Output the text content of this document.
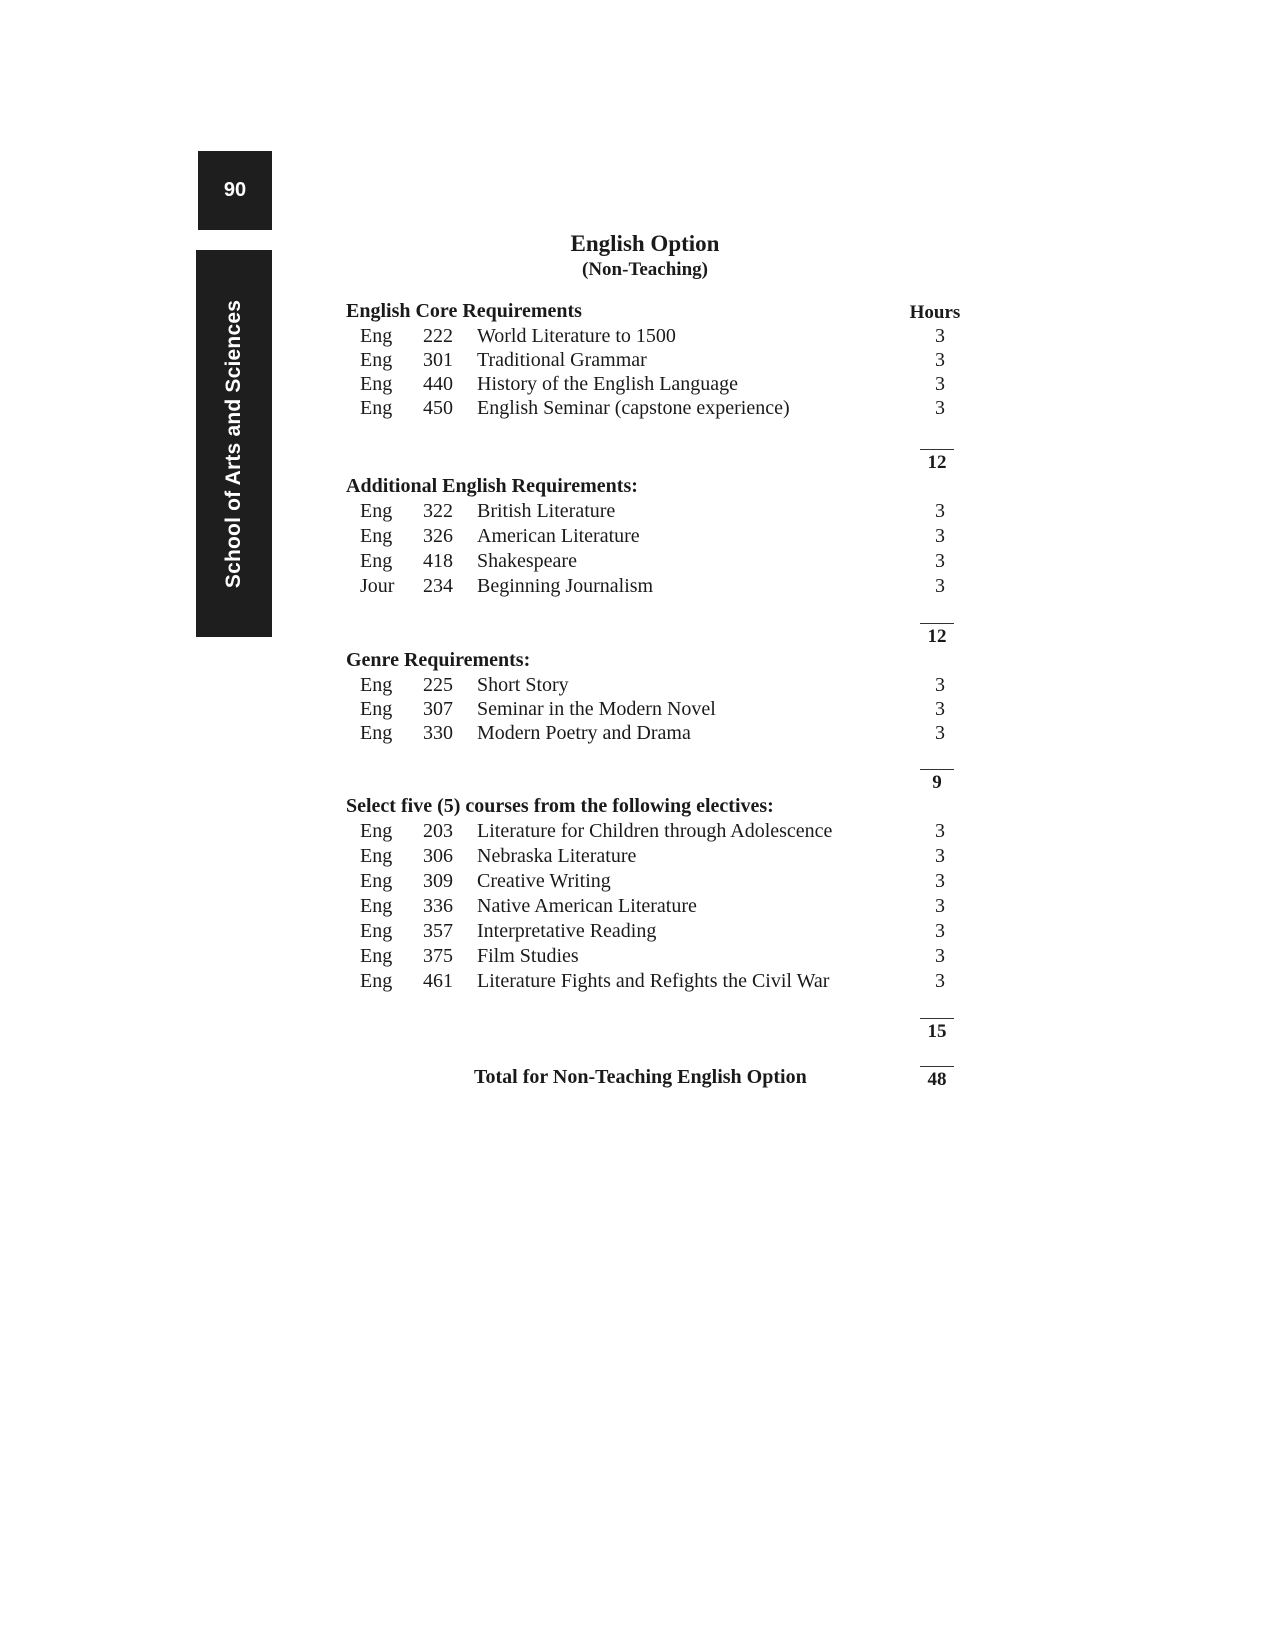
90
School of Arts and Sciences
English Option
(Non-Teaching)
Hours
English Core Requirements
Eng	222	World Literature to 1500	3
Eng	301	Traditional Grammar	3
Eng	440	History of the English Language	3
Eng	450	English Seminar (capstone experience)	3
12
Additional English Requirements:
Eng	322	British Literature	3
Eng	326	American Literature	3
Eng	418	Shakespeare	3
Jour	234	Beginning Journalism	3
12
Genre Requirements:
Eng	225	Short Story	3
Eng	307	Seminar in the Modern Novel	3
Eng	330	Modern Poetry and Drama	3
9
Select five (5) courses from the following electives:
Eng	203	Literature for Children through Adolescence	3
Eng	306	Nebraska Literature	3
Eng	309	Creative Writing	3
Eng	336	Native American Literature	3
Eng	357	Interpretative Reading	3
Eng	375	Film Studies	3
Eng	461	Literature Fights and Refights the Civil War	3
15
Total for Non-Teaching English Option	48
